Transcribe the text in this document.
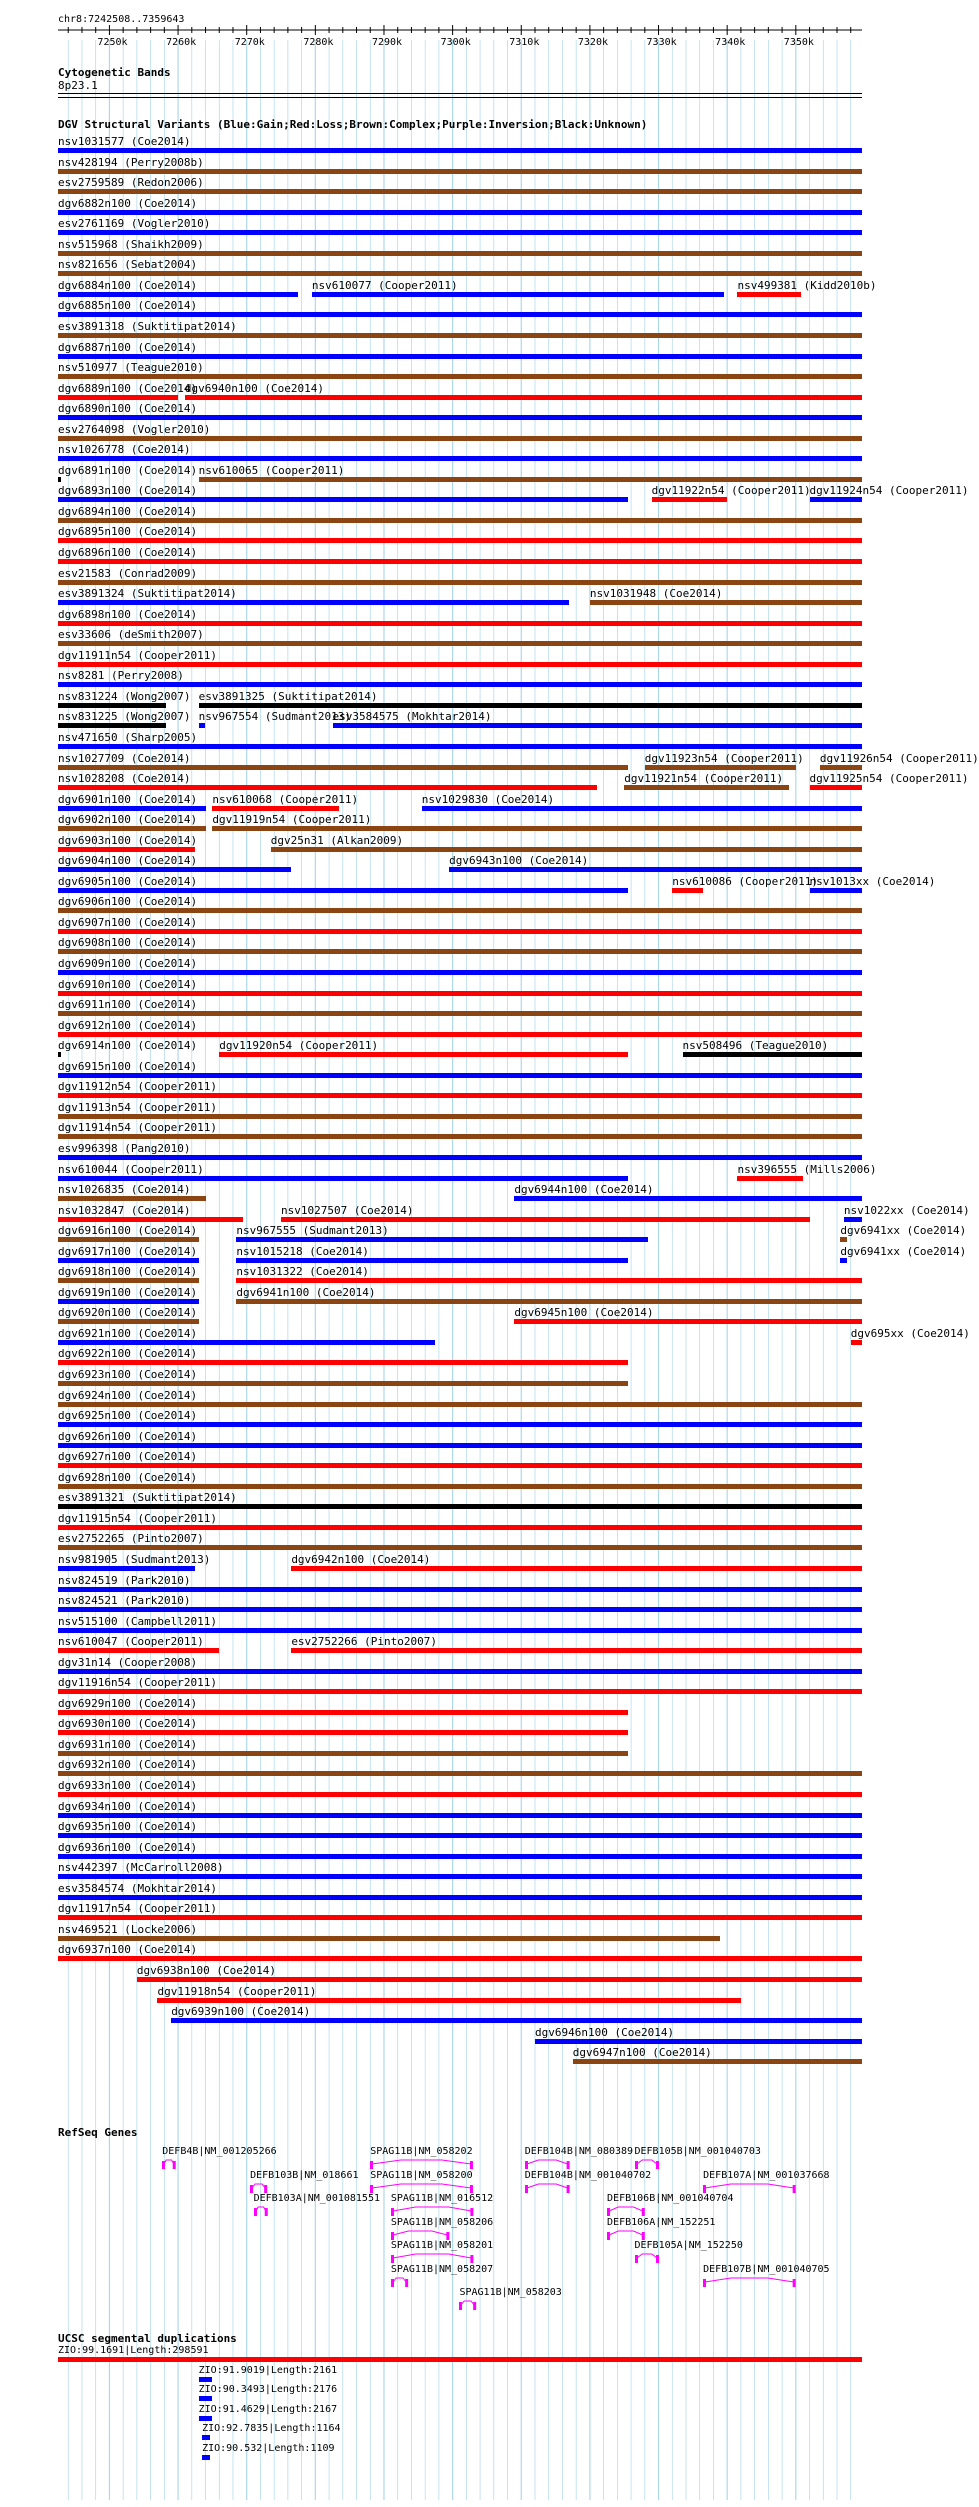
chr8:7242508..7359643
7250k	7260k	7270k	7280k	7290k	7300k	7310k	7320k	7330k	7340k	7350k
Cytogenetic Bands
8p23.1
DGV Structural Variants (Blue:Gain;Red:Loss;Brown:Complex;Purple:Inversion;Black:Unknown)
nsv1031577 (Coe2014)
nsv428194 (Perry2008b)
esv2759589 (Redon2006)
dgv6882n100 (Coe2014)
esv2761169 (Vogler2010)
nsv515968 (Shaikh2009)
nsv821656 (Sebat2004)
dgv6884n100 (Coe2014)	nsv610077 (Cooper2011)	nsv499381 (Kidd2010b)
dgv6885n100 (Coe2014)
esv3891318 (Suktitipat2014)
dgv6887n100 (Coe2014)
nsv510977 (Teague2010)
dgv6889n100 (Coe2014)
dgv6940n100 (Coe2014)
dgv6890n100 (Coe2014)
esv2764098 (Vogler2010)
nsv1026778 (Coe2014)
dgv6891n100 (Coe2014) nsv610065 (Cooper2011)
dgv6893n100 (Coe2014)	dgv11922n54 (Cooper2011)
dgv11924n54 (Cooper2011)
dgv6894n100 (Coe2014)
dgv6895n100 (Coe2014)
dgv6896n100 (Coe2014)
esv21583 (Conrad2009)
esv3891324 (Suktitipat2014)	nsv1031948 (Coe2014)
dgv6898n100 (Coe2014)
esv33606 (deSmith2007)
dgv11911n54 (Cooper2011)
nsv8281 (Perry2008)
nsv831224 (Wong2007) esv3891325 (Suktitipat2014)
nsv831225 (Wong2007) nsv967554 (Sudmant2013)
esv3584575 (Mokhtar2014)
nsv471650 (Sharp2005)
nsv1027709 (Coe2014)	dgv11923n54 (Cooper2011) dgv11926n54 (Cooper2011)
nsv1028208 (Coe2014)	dgv11921n54 (Cooper2011) dgv11925n54 (Cooper2011)
dgv6901n100 (Coe2014) nsv610068 (Cooper2011)	nsv1029830 (Coe2014)
dgv6902n100 (Coe2014) dgv11919n54 (Cooper2011)
dgv6903n100 (Coe2014)	dgv25n31 (Alkan2009)
dgv6904n100 (Coe2014)	dgv6943n100 (Coe2014)
dgv6905n100 (Coe2014)	nsv610086 (Cooper2011)
nsv1013xx (Coe2014)
dgv6906n100 (Coe2014)
dgv6907n100 (Coe2014)
dgv6908n100 (Coe2014)
dgv6909n100 (Coe2014)
dgv6910n100 (Coe2014)
dgv6911n100 (Coe2014)
dgv6912n100 (Coe2014)
dgv6914n100 (Coe2014) dgv11920n54 (Cooper2011)	nsv508496 (Teague2010)
dgv6915n100 (Coe2014)
dgv11912n54 (Cooper2011)
dgv11913n54 (Cooper2011)
dgv11914n54 (Cooper2011)
esv996398 (Pang2010)
nsv610044 (Cooper2011)	nsv396555 (Mills2006)
nsv1026835 (Coe2014)	dgv6944n100 (Coe2014)
nsv1032847 (Coe2014)	nsv1027507 (Coe2014)	nsv1022xx (Coe2014)
dgv6916n100 (Coe2014)	nsv967555 (Sudmant2013)	dgv6941xx (Coe2014)
dgv6917n100 (Coe2014)	nsv1015218 (Coe2014)	dgv6941xx (Coe2014)
dgv6918n100 (Coe2014)	nsv1031322 (Coe2014)
dgv6919n100 (Coe2014)	dgv6941n100 (Coe2014)
dgv6920n100 (Coe2014)	dgv6945n100 (Coe2014)
dgv6921n100 (Coe2014)	dgv695xx (Coe2014)
dgv6922n100 (Coe2014)
dgv6923n100 (Coe2014)
dgv6924n100 (Coe2014)
dgv6925n100 (Coe2014)
dgv6926n100 (Coe2014)
dgv6927n100 (Coe2014)
dgv6928n100 (Coe2014)
esv3891321 (Suktitipat2014)
dgv11915n54 (Cooper2011)
esv2752265 (Pinto2007)
nsv981905 (Sudmant2013)	dgv6942n100 (Coe2014)
nsv824519 (Park2010)
nsv824521 (Park2010)
nsv515100 (Campbell2011)
nsv610047 (Cooper2011)	esv2752266 (Pinto2007)
dgv31n14 (Cooper2008)
dgv11916n54 (Cooper2011)
dgv6929n100 (Coe2014)
dgv6930n100 (Coe2014)
dgv6931n100 (Coe2014)
dgv6932n100 (Coe2014)
dgv6933n100 (Coe2014)
dgv6934n100 (Coe2014)
dgv6935n100 (Coe2014)
dgv6936n100 (Coe2014)
nsv442397 (McCarroll2008)
esv3584574 (Mokhtar2014)
dgv11917n54 (Cooper2011)
nsv469521 (Locke2006)
dgv6937n100 (Coe2014)
dgv6938n100 (Coe2014)
dgv11918n54 (Cooper2011)
dgv6939n100 (Coe2014)
dgv6946n100 (Coe2014)
dgv6947n100 (Coe2014)
RefSeq Genes
DEFB4B|NM_001205266	SPAG11B|NM_058202	DEFB104B|NM_080389 DEFB105B|NM_001040703
DEFB103B|NM_018661 SPAG11B|NM_058200	DEFB104B|NM_001040702	DEFB107A|NM_001037668
DEFB103A|NM_001081551 SPAG11B|NM_016512	DEFB106B|NM_001040704
SPAG11B|NM_058206	DEFB106A|NM_152251
SPAG11B|NM_058201	DEFB105A|NM_152250
SPAG11B|NM_058207	DEFB107B|NM_001040705
SPAG11B|NM_058203
UCSC segmental duplications
ZIO:99.1691|Length:298591
ZIO:91.9019|Length:2161
ZIO:90.3493|Length:2176
ZIO:91.4629|Length:2167
ZIO:92.7835|Length:1164
ZIO:90.532|Length:1109
